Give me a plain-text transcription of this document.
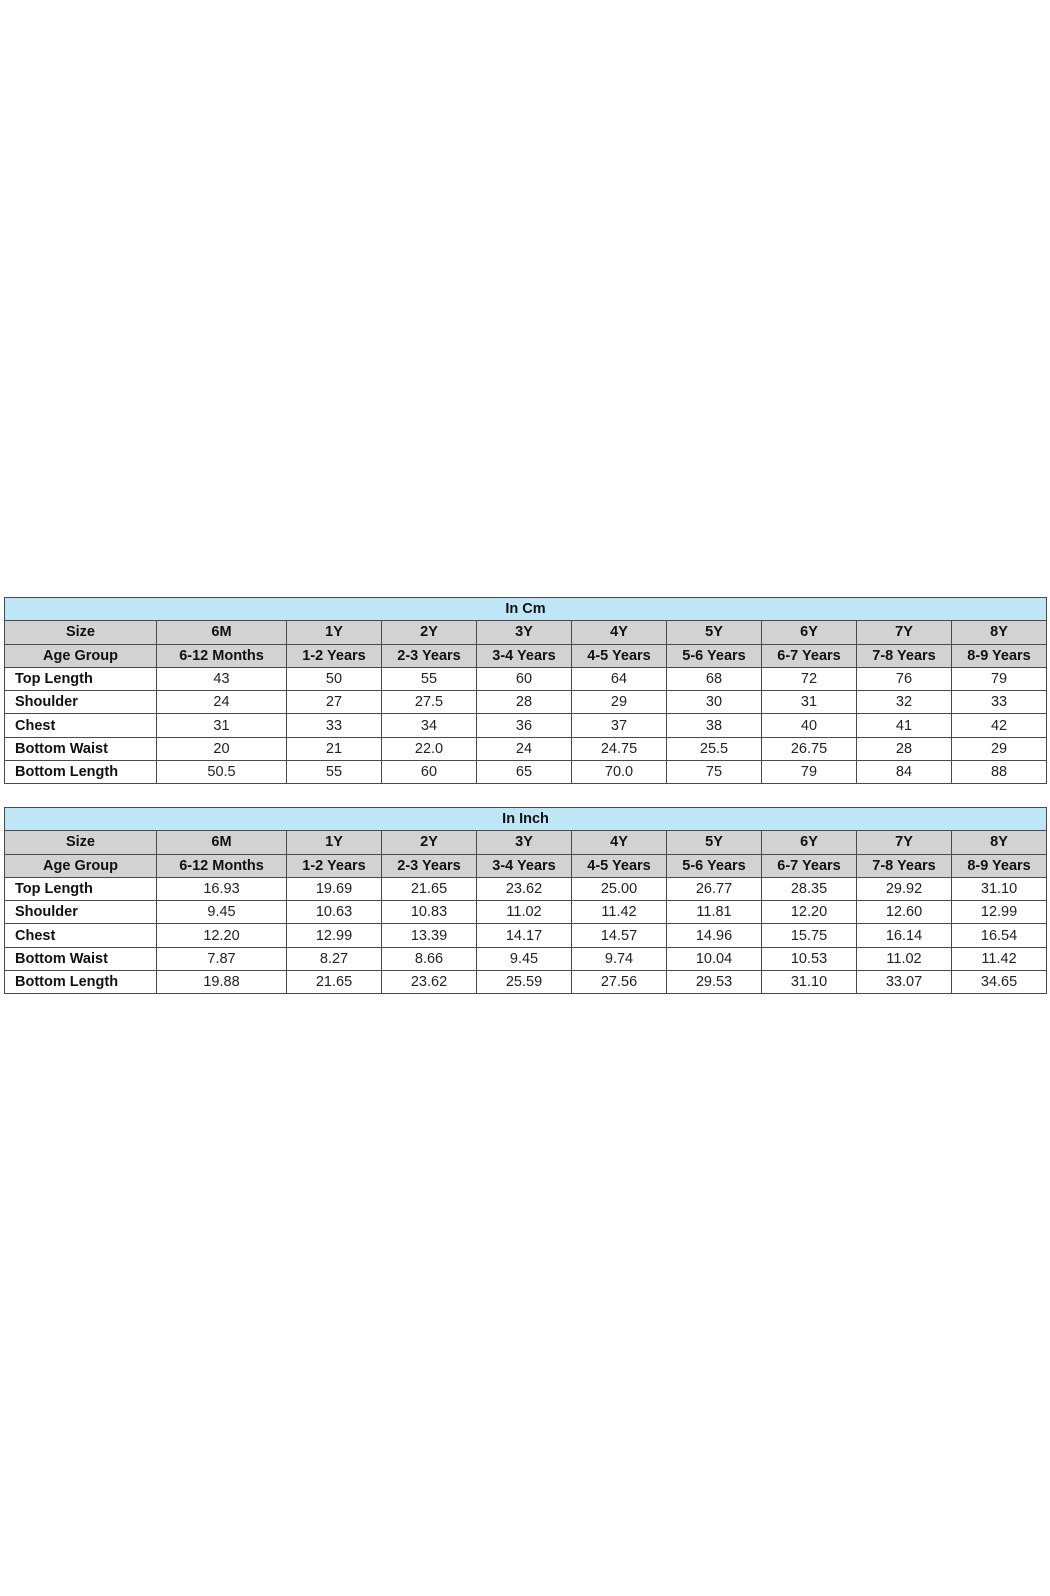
In Cm									
Size	6M	1Y	2Y	3Y	4Y	5Y	6Y	7Y	8Y
Age Group	6-12 Months	1-2 Years	2-3 Years	3-4 Years	4-5 Years	5-6 Years	6-7 Years	7-8 Years	8-9 Years
Top Length	43	50	55	60	64	68	72	76	79
Shoulder	24	27	27.5	28	29	30	31	32	33
Chest	31	33	34	36	37	38	40	41	42
Bottom Waist	20	21	22.0	24	24.75	25.5	26.75	28	29
Bottom Length	50.5	55	60	65	70.0	75	79	84	88
In Inch									
Size	6M	1Y	2Y	3Y	4Y	5Y	6Y	7Y	8Y
Age Group	6-12 Months	1-2 Years	2-3 Years	3-4 Years	4-5 Years	5-6 Years	6-7 Years	7-8 Years	8-9 Years
Top Length	16.93	19.69	21.65	23.62	25.00	26.77	28.35	29.92	31.10
Shoulder	9.45	10.63	10.83	11.02	11.42	11.81	12.20	12.60	12.99
Chest	12.20	12.99	13.39	14.17	14.57	14.96	15.75	16.14	16.54
Bottom Waist	7.87	8.27	8.66	9.45	9.74	10.04	10.53	11.02	11.42
Bottom Length	19.88	21.65	23.62	25.59	27.56	29.53	31.10	33.07	34.65
